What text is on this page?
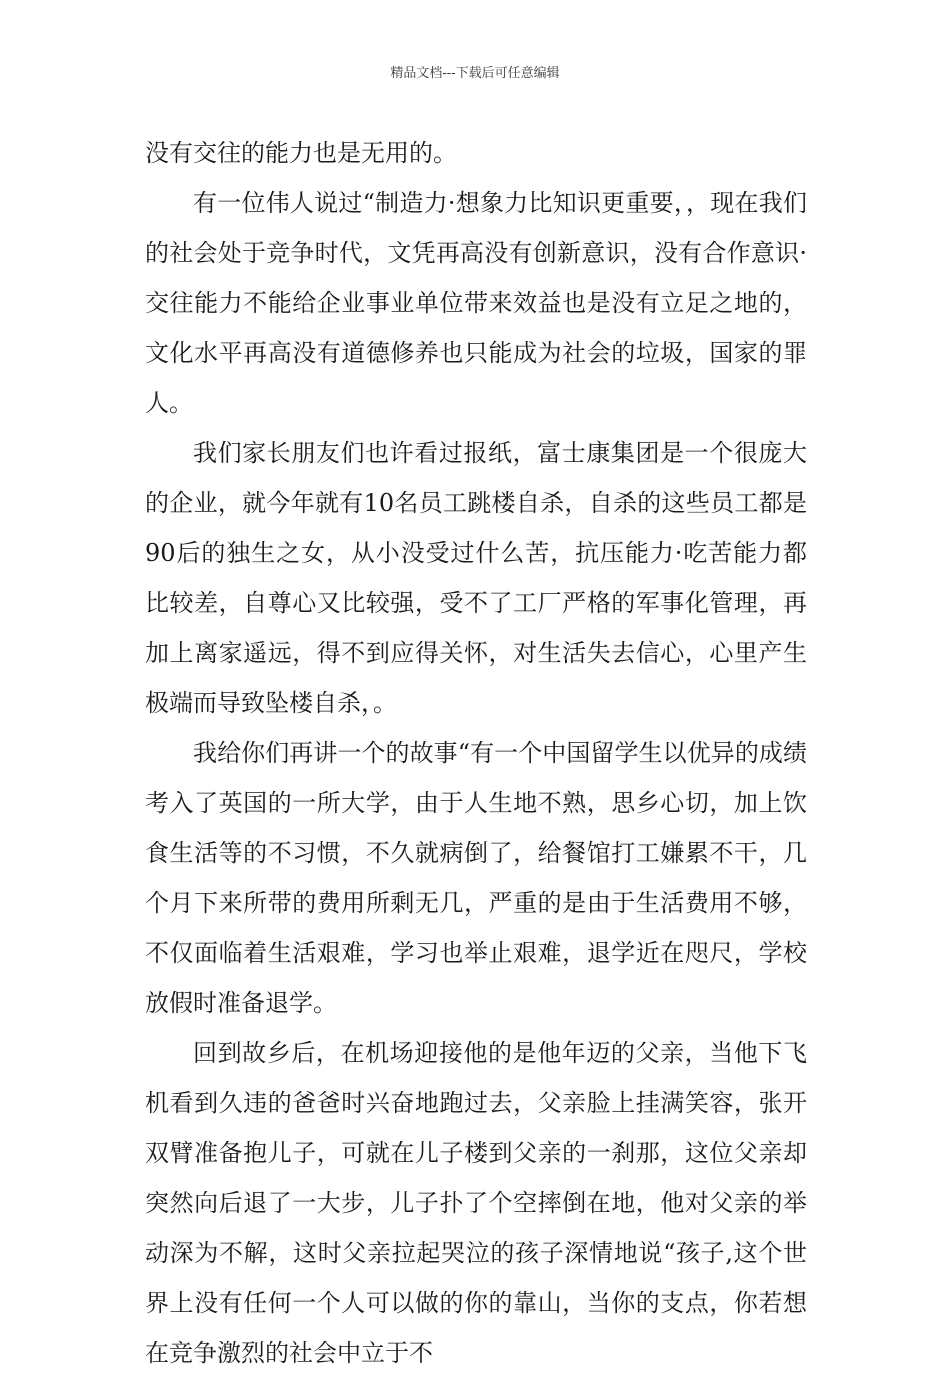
精品文档---下载后可任意编辑

没有交往的能力也是无用的。

有一位伟人说过“制造力·想象力比知识更重要，，现在我们的社会处于竞争时代，文凭再高没有创新意识，没有合作意识·交往能力不能给企业事业单位带来效益也是没有立足之地的，文化水平再高没有道德修养也只能成为社会的垃圾，国家的罪人。

我们家长朋友们也许看过报纸，富士康集团是一个很庞大的企业，就今年就有10名员工跳楼自杀，自杀的这些员工都是90后的独生之女，从小没受过什么苦，抗压能力·吃苦能力都比较差，自尊心又比较强，受不了工厂严格的军事化管理，再加上离家遥远，得不到应得关怀，对生活失去信心，心里产生极端而导致坠楼自杀，。

我给你们再讲一个的故事“有一个中国留学生以优异的成绩考入了英国的一所大学，由于人生地不熟，思乡心切，加上饮食生活等的不习惯，不久就病倒了，给餐馆打工嫌累不干，几个月下来所带的费用所剩无几，严重的是由于生活费用不够，不仅面临着生活艰难，学习也举止艰难，退学近在咫尺，学校放假时准备退学。

回到故乡后，在机场迎接他的是他年迈的父亲，当他下飞机看到久违的爸爸时兴奋地跑过去，父亲脸上挂满笑容，张开双臂准备抱儿子，可就在儿子楼到父亲的一刹那，这位父亲却突然向后退了一大步，儿子扑了个空摔倒在地，他对父亲的举动深为不解，这时父亲拉起哭泣的孩子深情地说“孩子,这个世界上没有任何一个人可以做的你的靠山，当你的支点，你若想在竞争激烈的社会中立于不
